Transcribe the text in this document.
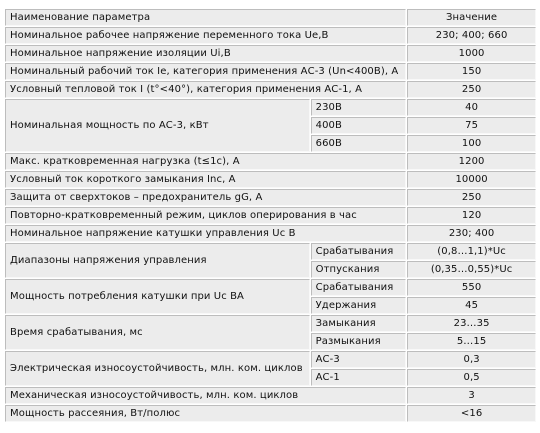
Наименование параметра		Значение
Номинальное рабочее напряжение переменного тока Ue,В		230; 400; 660
Номинальное напряжение изоляции Ui,В		1000
Номинальный рабочий ток Ie, категория применения АС-3 (Un<400В), А		150
Условный тепловой ток I (t°<40°), категория применения АС-1, А		250
Номинальная мощность по АС-3, кВт	230В	40
	400В	75
	660В	100
Макс. кратковременная нагрузка (t≤1с), А		1200
Условный ток короткого замыкания Inc, А		10000
Защита от сверхтоков – предохранитель gG, А		250
Повторно-кратковременный режим, циклов оперирования в час		120
Номинальное напряжение катушки управления Uc В		230; 400
Диапазоны напряжения управления	Срабатывания	(0,8…1,1)*Uc
	Отпускания	(0,35…0,55)*Uc
Мощность потребления катушки при Uc ВА	Срабатывания	550
	Удержания	45
Время срабатывания, мс	Замыкания	23…35
	Размыкания	5…15
Электрическая износоустойчивость, млн. ком. циклов	АС-3	0,3
	АС-1	0,5
Механическая износоустойчивость, млн. ком. циклов		3
Мощность рассеяния, Вт/полюс		<16
